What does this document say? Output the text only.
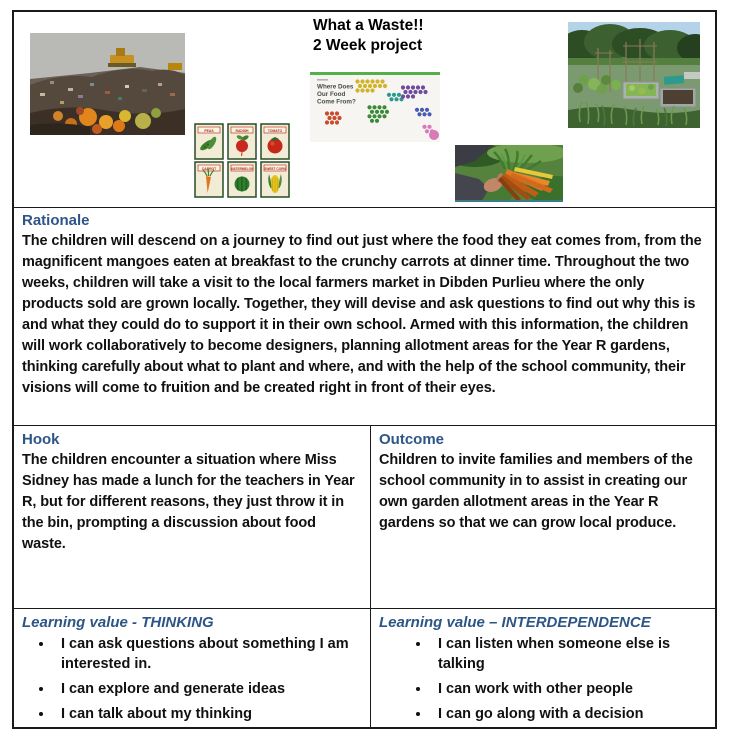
What a Waste!!
2 Week project
PEAS	RADISH	TOMATO
CARROT	WATERMELON	SWEET CORN
Where Does
Our Food
Come From?
Rationale

The children will descend on a journey to find out just where the food they eat comes from, from the magnificent mangoes eaten at breakfast to the crunchy carrots at dinner time. Throughout the two weeks, children will take a visit to the local farmers market in Dibden Purlieu where the only products sold are grown locally. Together, they will devise and ask questions to find out why this is and what they could do to support it in their own school. Armed with this information, the children will work collaboratively to become designers, planning allotment areas for the Year R gardens, thinking carefully about what to plant and where, and with the help of the school community, their visions will come to fruition and be created right in front of their eyes.

Hook

The children encounter a situation where Miss Sidney has made a lunch for the teachers in Year R, but for different reasons, they just throw it in the bin, prompting a discussion about food waste.

Outcome

Children to invite families and members of the school community in to assist in creating our own garden allotment areas in the Year R gardens so that we can grow local produce.

Learning value - THINKING
• I can ask questions about something I am interested in.
• I can explore and generate ideas
• I can talk about my thinking
Learning value – INTERDEPENDENCE
• I can listen when someone else is talking
• I can work with other people
• I can go along with a decision
